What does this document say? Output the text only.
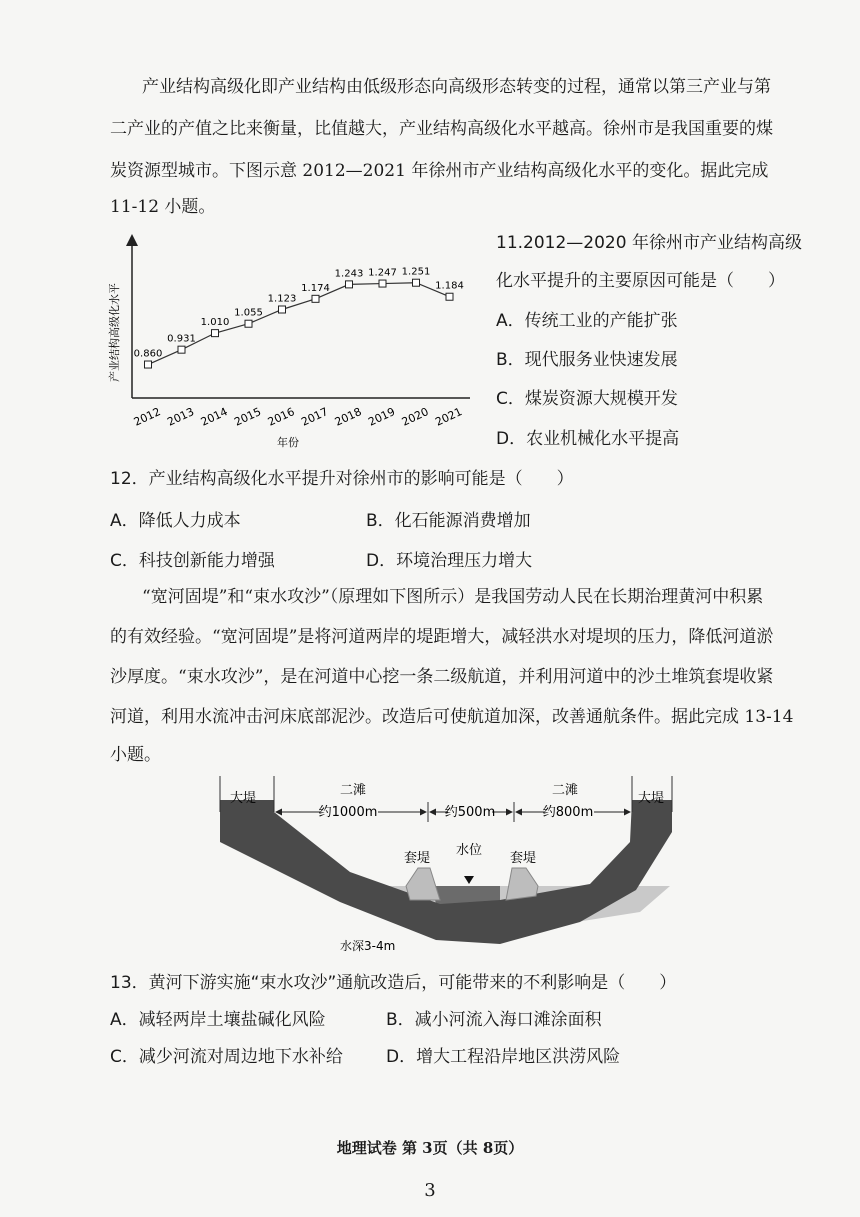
产业结构高级化即产业结构由低级形态向高级形态转变的过程，通常以第三产业与第
二产业的产值之比来衡量，比值越大，产业结构高级化水平越高。徐州市是我国重要的煤
炭资源型城市。下图示意 2012—2021 年徐州市产业结构高级化水平的变化。据此完成
11-12 小题。
产业结构高级化水平
年份
0.860
2012
0.931
2013
1.010
2014
1.055
2015
1.123
2016
1.174
2017
1.243
2018
1.247
2019
1.251
2020
1.184
2021
11.2012—2020 年徐州市产业结构高级
化水平提升的主要原因可能是（　　）
A．传统工业的产能扩张
B．现代服务业快速发展
C．煤炭资源大规模开发
D．农业机械化水平提高
12．产业结构高级化水平提升对徐州市的影响可能是（　　）
A．降低人力成本	B．化石能源消费增加
C．科技创新能力增强	D．环境治理压力增大
“宽河固堤”和“束水攻沙”（原理如下图所示）是我国劳动人民在长期治理黄河中积累
的有效经验。“宽河固堤”是将河道两岸的堤距增大，减轻洪水对堤坝的压力，降低河道淤
沙厚度。“束水攻沙”，是在河道中心挖一条二级航道，并利用河道中的沙土堆筑套堤收紧
河道，利用水流冲击河床底部泥沙。改造后可使航道加深，改善通航条件。据此完成 13-14
小题。
大堤	大堤
二滩	二滩
约1000m	约500m	约800m
套堤	套堤
水位
水深3-4m
13．黄河下游实施“束水攻沙”通航改造后，可能带来的不利影响是（　　）
A．减轻两岸土壤盐碱化风险	B．减小河流入海口滩涂面积
C．减少河流对周边地下水补给	D．增大工程沿岸地区洪涝风险
地理试卷 第 3页（共 8页）
3
